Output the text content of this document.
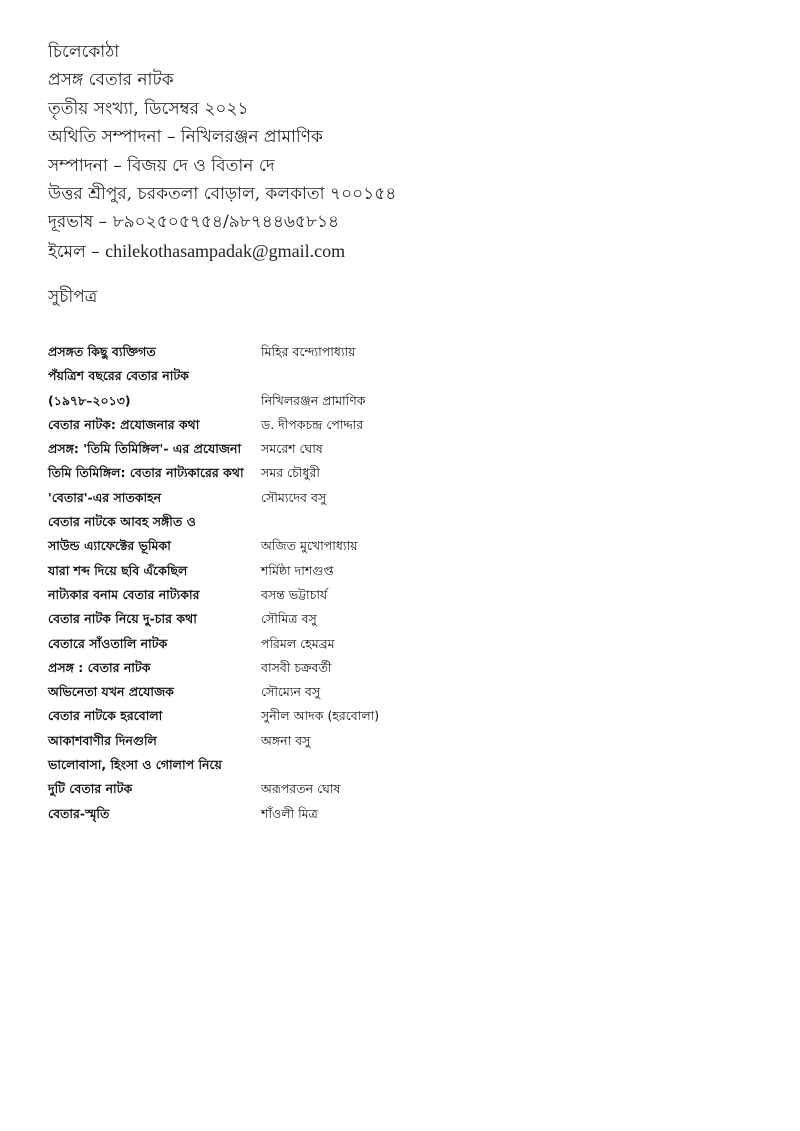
চিলেকোঠা
প্রসঙ্গ বেতার নাটক
তৃতীয় সংখ্যা, ডিসেম্বর ২০২১
অথিতি সম্পাদনা – নিখিলরঞ্জন প্রামাণিক
সম্পাদনা – বিজয় দে ও বিতান দে
উত্তর শ্রীপুর, চরকতলা বোড়াল, কলকাতা ৭০০১৫৪
দূরভাষ – ৮৯০২৫০৫৭৫৪/৯৮৭৪৪৬৫৮১৪
ইমেল – chilekothasampadak@gmail.com
সুচীপত্র
প্রসঙ্গত কিছু ব্যক্তিগত	মিহির বন্দ্যোপাধ্যায়
পঁয়ত্রিশ বছরের বেতার নাটক
(১৯৭৮–২০১৩)	নিখিলরঞ্জন প্রামাণিক
বেতার নাটক: প্রযোজনার কথা	ড. দীপকচন্দ্র পোদ্দার
প্রসঙ্গ: 'তিমি তিমিঙ্গিল'- এর প্রযোজনা	সমরেশ ঘোষ
তিমি তিমিঙ্গিল: বেতার নাট্যকারের কথা	সমর চৌধুরী
'বেতার'-এর সাতকাহন	সৌম্যদেব বসু
বেতার নাটকে আবহ সঙ্গীত ও
সাউন্ড এ্যাফেক্টের ভূমিকা	অজিত মুখোপাধ্যায়
যারা শব্দ দিয়ে ছবি এঁকেছিল	শর্মিষ্ঠা দাশগুপ্ত
নাট্যকার বনাম বেতার নাট্যকার	বসন্ত ভট্টাচার্য
বেতার নাটক নিয়ে দু-চার কথা	সৌমিত্র বসু
বেতারে সাঁওতালি নাটক	পরিমল হেমব্রম
প্রসঙ্গ : বেতার নাটক	বাসবী চক্রবর্তী
অভিনেতা যখন প্রযোজক	সৌম্যেন বসু
বেতার নাটকে হরবোলা	সুনীল আদক (হরবোলা)
আকাশবাণীর দিনগুলি	অঙ্গনা বসু
ভালোবাসা, হিংসা ও গোলাপ নিয়ে
দুটি বেতার নাটক	অরূপরতন ঘোষ
বেতার-স্মৃতি	শাঁওলী মিত্র
